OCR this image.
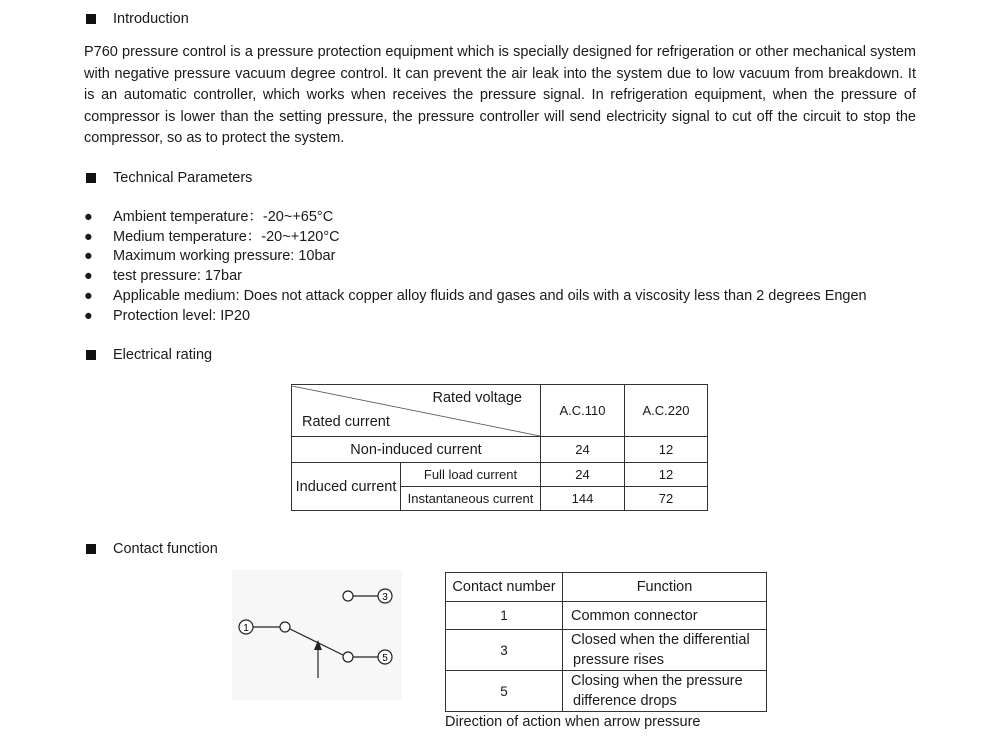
Introduction
P760 pressure control is a pressure protection equipment which is specially designed for refrigeration or other mechanical system with negative pressure vacuum degree control. It can prevent the air leak into the system due to low vacuum from breakdown. It is an automatic controller, which works when receives the pressure signal. In refrigeration equipment, when the pressure of compressor is lower than the setting pressure, the pressure controller will send electricity signal to cut off the circuit to stop the compressor, so as to protect the system.
Technical Parameters
●	Ambient temperature：-20~+65°C
●	Medium temperature：-20~+120°C
●	Maximum working pressure: 10bar
●	test pressure: 17bar
●	Applicable medium: Does not attack copper alloy fluids and gases and oils with a viscosity less than 2 degrees Engen
●	Protection level: IP20
Electrical rating
Rated voltage
Rated current		A.C.110	A.C.220
Non-induced current		24	12
Induced current	Full load current	24	12
	Instantaneous current	144	72
Contact function
1
3
5
Contact number	Function
1	Common connector
3	Closed when the differential
pressure rises

5	Closing when the pressure
difference drops
Direction of action when arrow pressure
